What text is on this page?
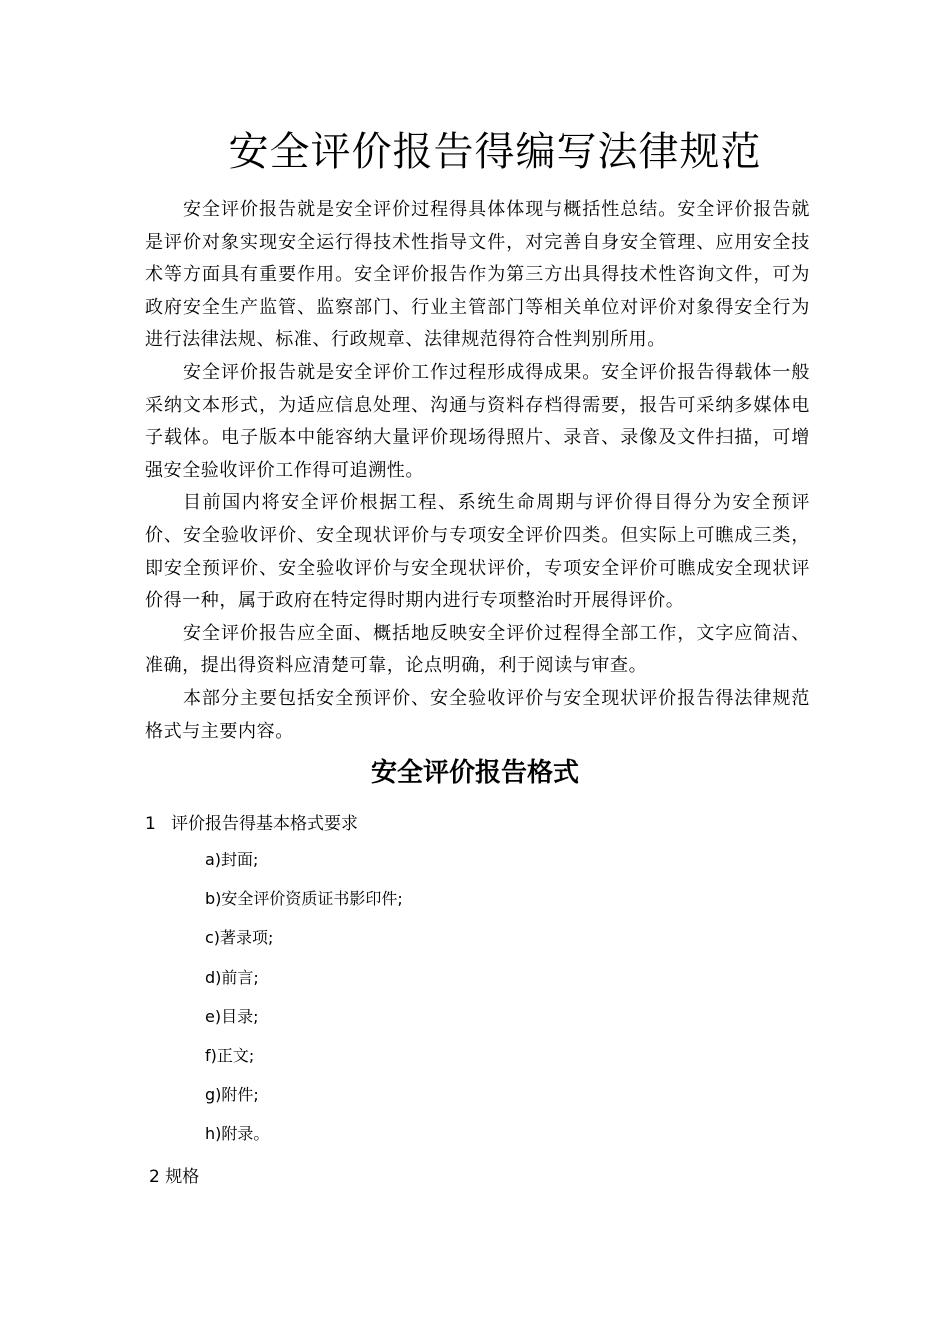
安全评价报告得编写法律规范

安全评价报告就是安全评价过程得具体体现与概括性总结。安全评价报告就是评价对象实现安全运行得技术性指导文件，对完善自身安全管理、应用安全技术等方面具有重要作用。安全评价报告作为第三方出具得技术性咨询文件，可为政府安全生产监管、监察部门、行业主管部门等相关单位对评价对象得安全行为进行法律法规、标准、行政规章、法律规范得符合性判别所用。

安全评价报告就是安全评价工作过程形成得成果。安全评价报告得载体一般采纳文本形式，为适应信息处理、沟通与资料存档得需要，报告可采纳多媒体电子载体。电子版本中能容纳大量评价现场得照片、录音、录像及文件扫描，可增强安全验收评价工作得可追溯性。

目前国内将安全评价根据工程、系统生命周期与评价得目得分为安全预评价、安全验收评价、安全现状评价与专项安全评价四类。但实际上可瞧成三类，即安全预评价、安全验收评价与安全现状评价，专项安全评价可瞧成安全现状评价得一种，属于政府在特定得时期内进行专项整治时开展得评价。

安全评价报告应全面、概括地反映安全评价过程得全部工作，文字应简洁、准确，提出得资料应清楚可靠，论点明确，利于阅读与审查。

本部分主要包括安全预评价、安全验收评价与安全现状评价报告得法律规范格式与主要内容。

安全评价报告格式
1 评价报告得基本格式要求
a)封面;
b)安全评价资质证书影印件;
c)著录项;
d)前言;
e)目录;
f)正文;
g)附件;
h)附录。
2 规格
